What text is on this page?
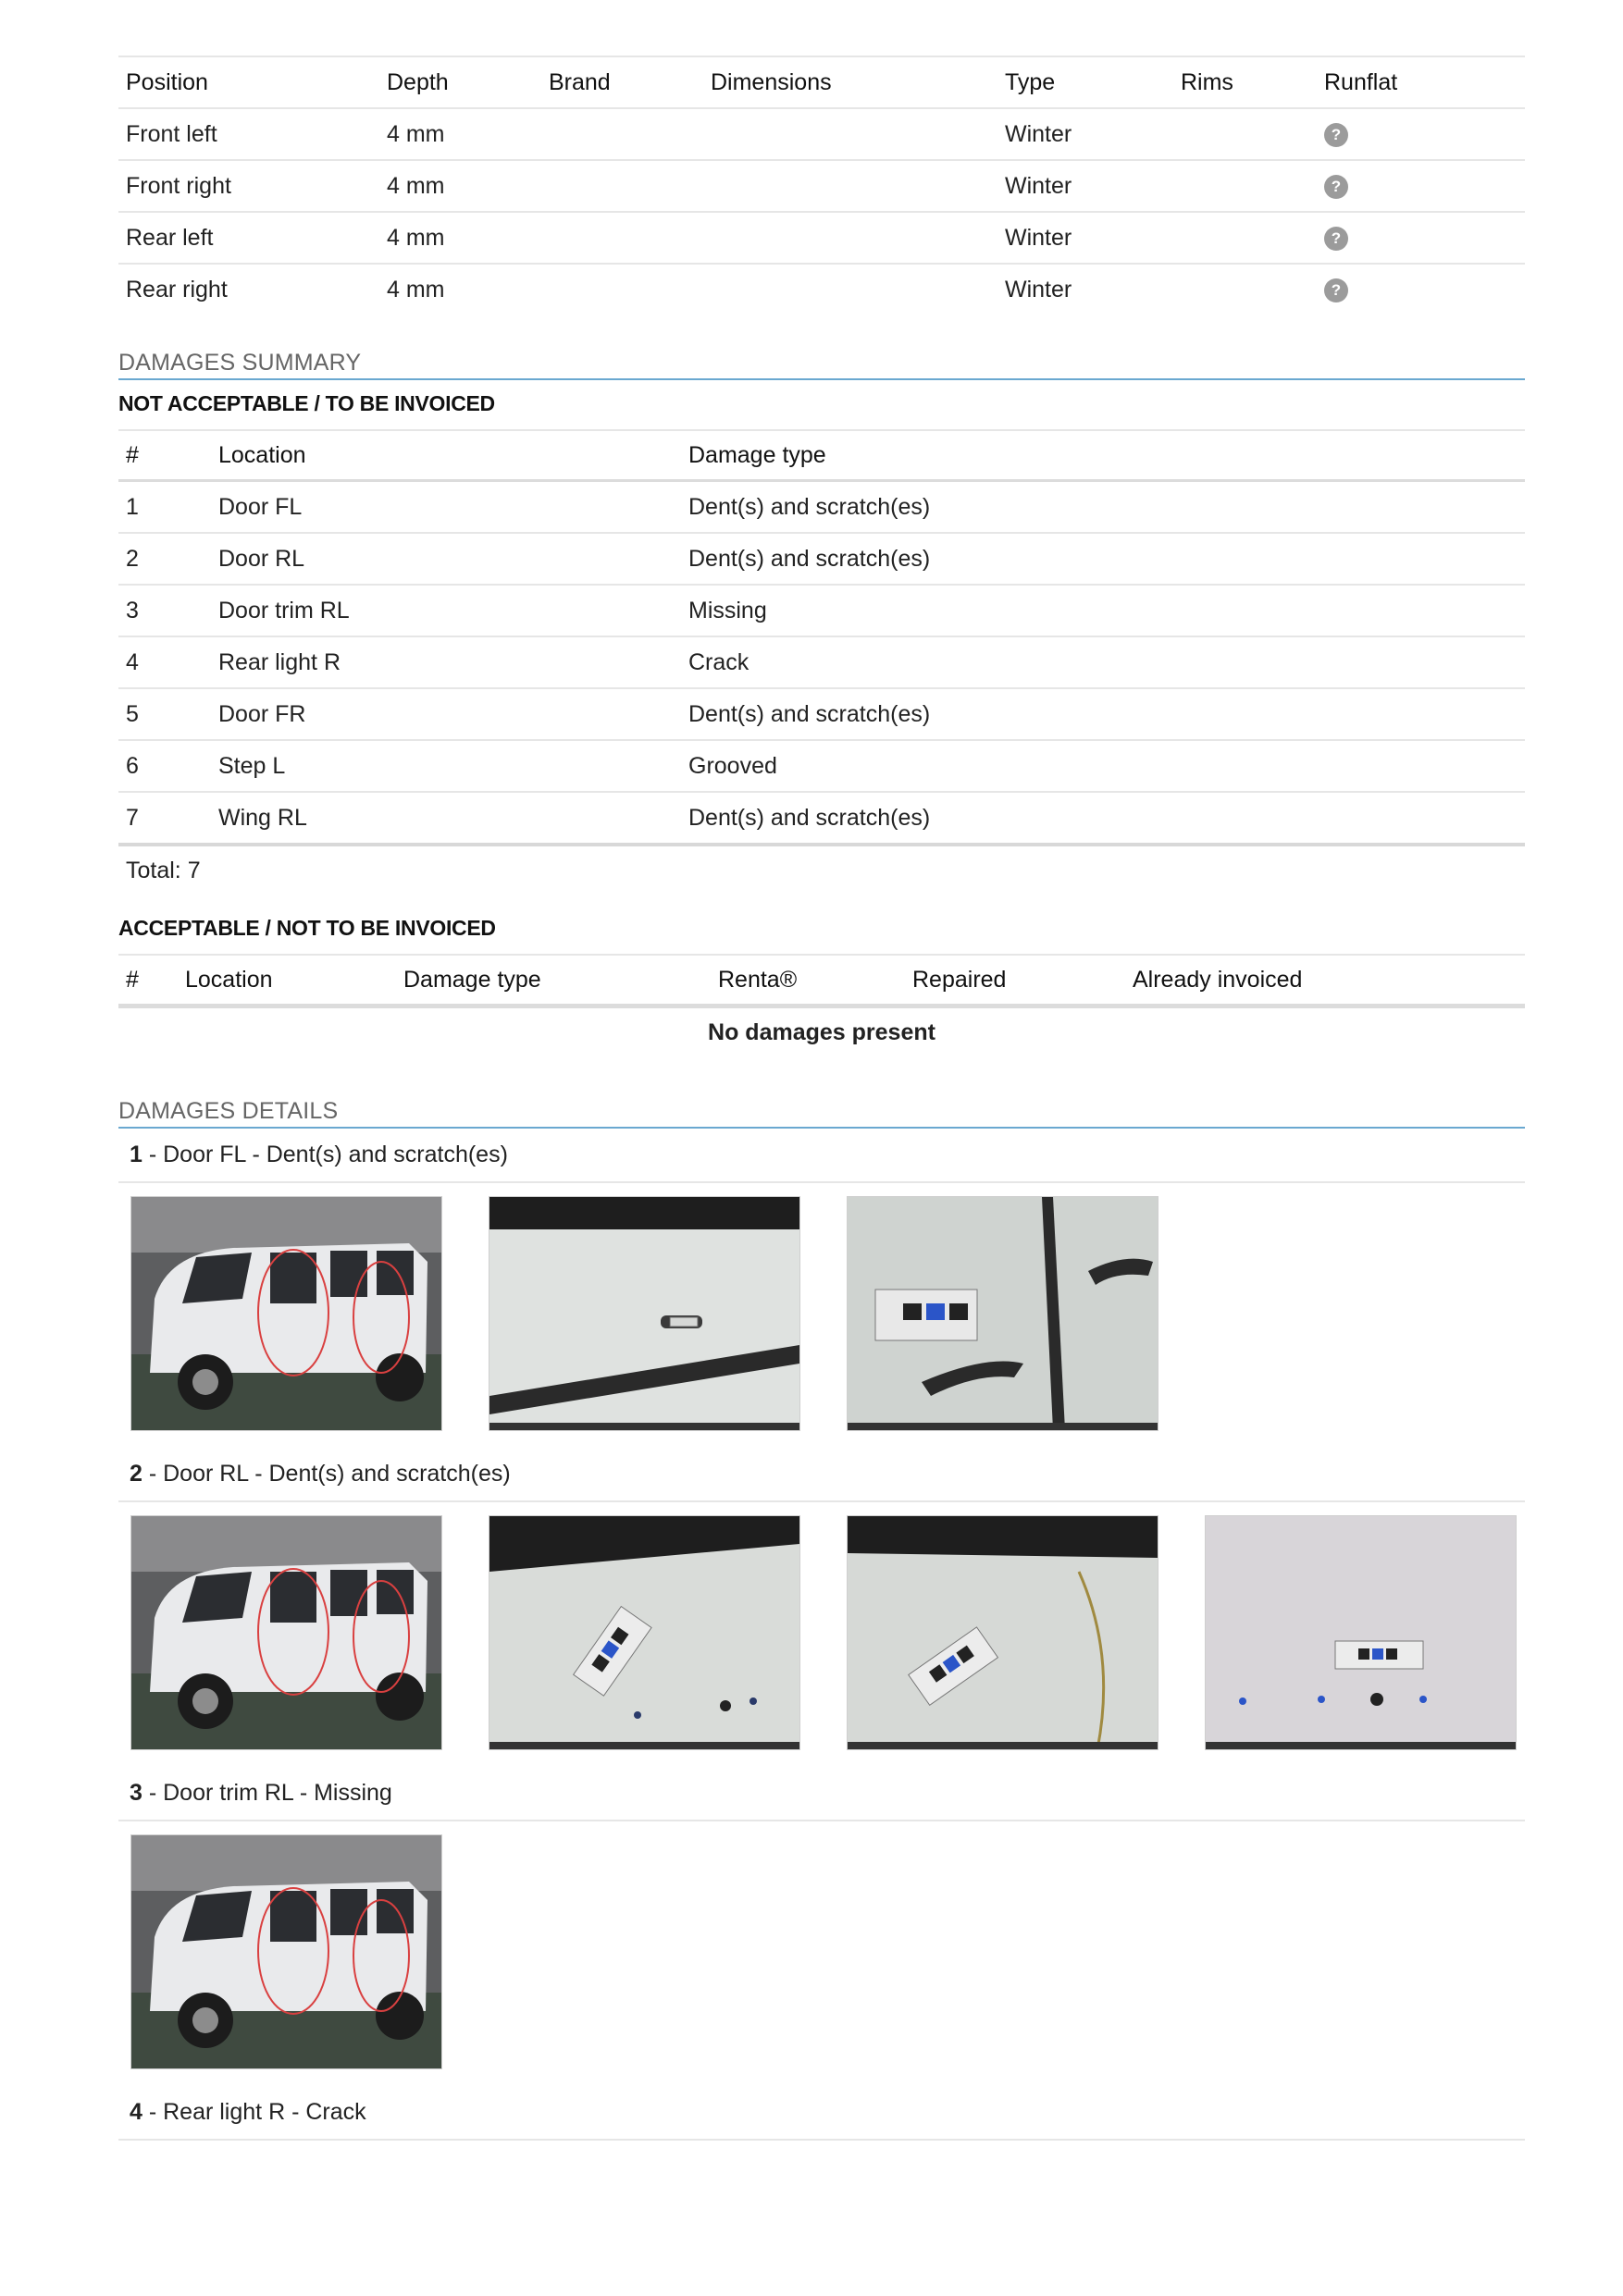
Position	Depth	Brand	Dimensions	Type	Rims	Runflat
Front left	4 mm			Winter		?
Front right	4 mm			Winter		?
Rear left	4 mm			Winter		?
Rear right	4 mm			Winter		?
DAMAGES SUMMARY
NOT ACCEPTABLE / TO BE INVOICED
#	Location	Damage type
1	Door FL	Dent(s) and scratch(es)
2	Door RL	Dent(s) and scratch(es)
3	Door trim RL	Missing
4	Rear light R	Crack
5	Door FR	Dent(s) and scratch(es)
6	Step L	Grooved
7	Wing RL	Dent(s) and scratch(es)
Total: 7
ACCEPTABLE / NOT TO BE INVOICED
#	Location	Damage type	Renta®	Repaired	Already invoiced
No damages present
DAMAGES DETAILS
1 - Door FL - Dent(s) and scratch(es)
2 - Door RL - Dent(s) and scratch(es)
3 - Door trim RL - Missing
4 - Rear light R - Crack
